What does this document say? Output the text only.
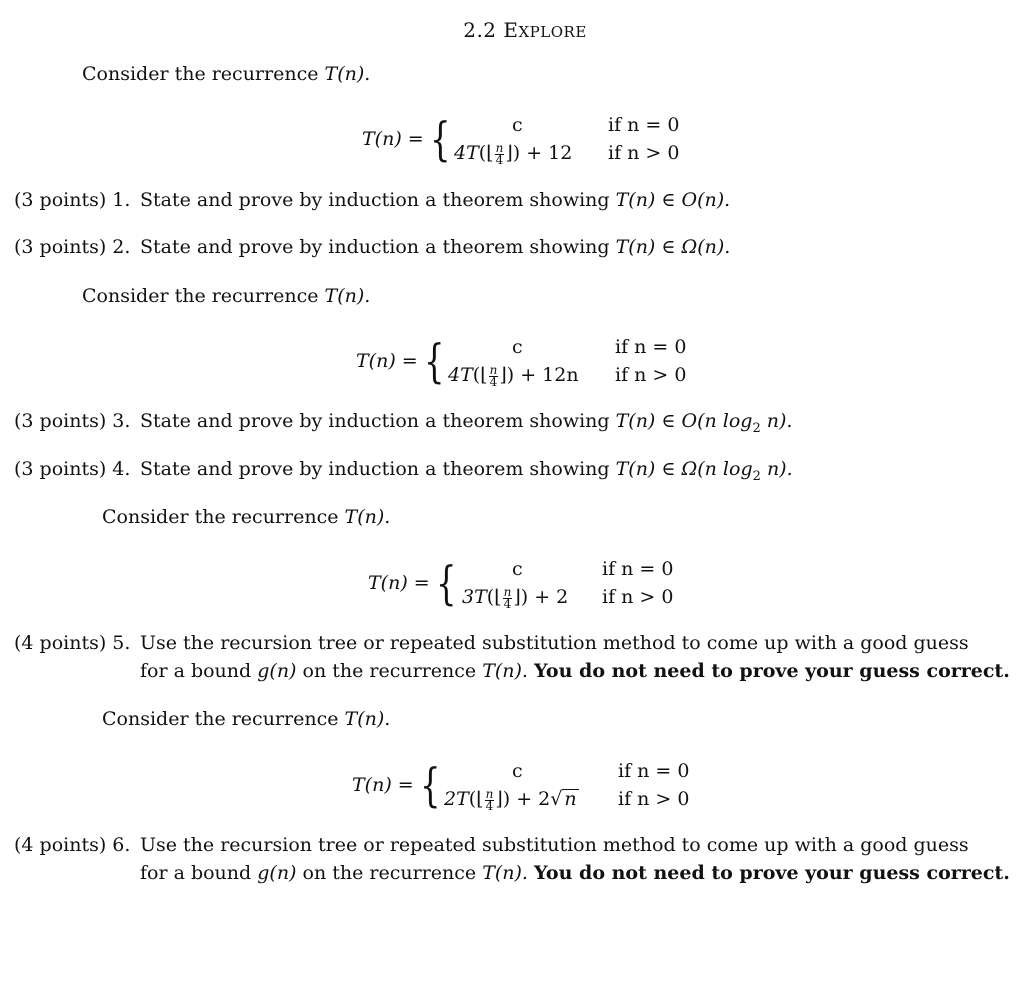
2.2 EXPLORE
Consider the recurrence T(n).
T(n) = {	c	if n = 0
4T(⌊ $\frac{n}{4}$ ⌋) + 12 if n > 0
(3 points) 1. State and prove by induction a theorem showing T(n) ∈ O(n).
(3 points) 2. State and prove by induction a theorem showing T(n) ∈ Ω(n).
Consider the recurrence T(n).
T(n) = {	c	if n = 0
4T(⌊ $\frac{n}{4}$ ⌋) + 12n if n > 0
(3 points) 3. State and prove by induction a theorem showing T(n) ∈ O(n $\log_2 n$).
(3 points) 4. State and prove by induction a theorem showing T(n) ∈ Ω(n $\log_2 n$).
Consider the recurrence T(n).
T(n) = {	c	if n = 0
3T(⌊ $\frac{n}{4}$ ⌋) + 2 if n > 0
(4 points) 5. Use the recursion tree or repeated substitution method to come up with a good guess
for a bound g(n) on the recurrence T(n). You do not need to prove your guess correct.
Consider the recurrence T(n).
T(n) = {	c	if n = 0
2T(⌊ $\frac{n}{4}$ ⌋) + 2√ n if n > 0
(4 points) 6. Use the recursion tree or repeated substitution method to come up with a good guess
for a bound g(n) on the recurrence T(n). You do not need to prove your guess correct.
